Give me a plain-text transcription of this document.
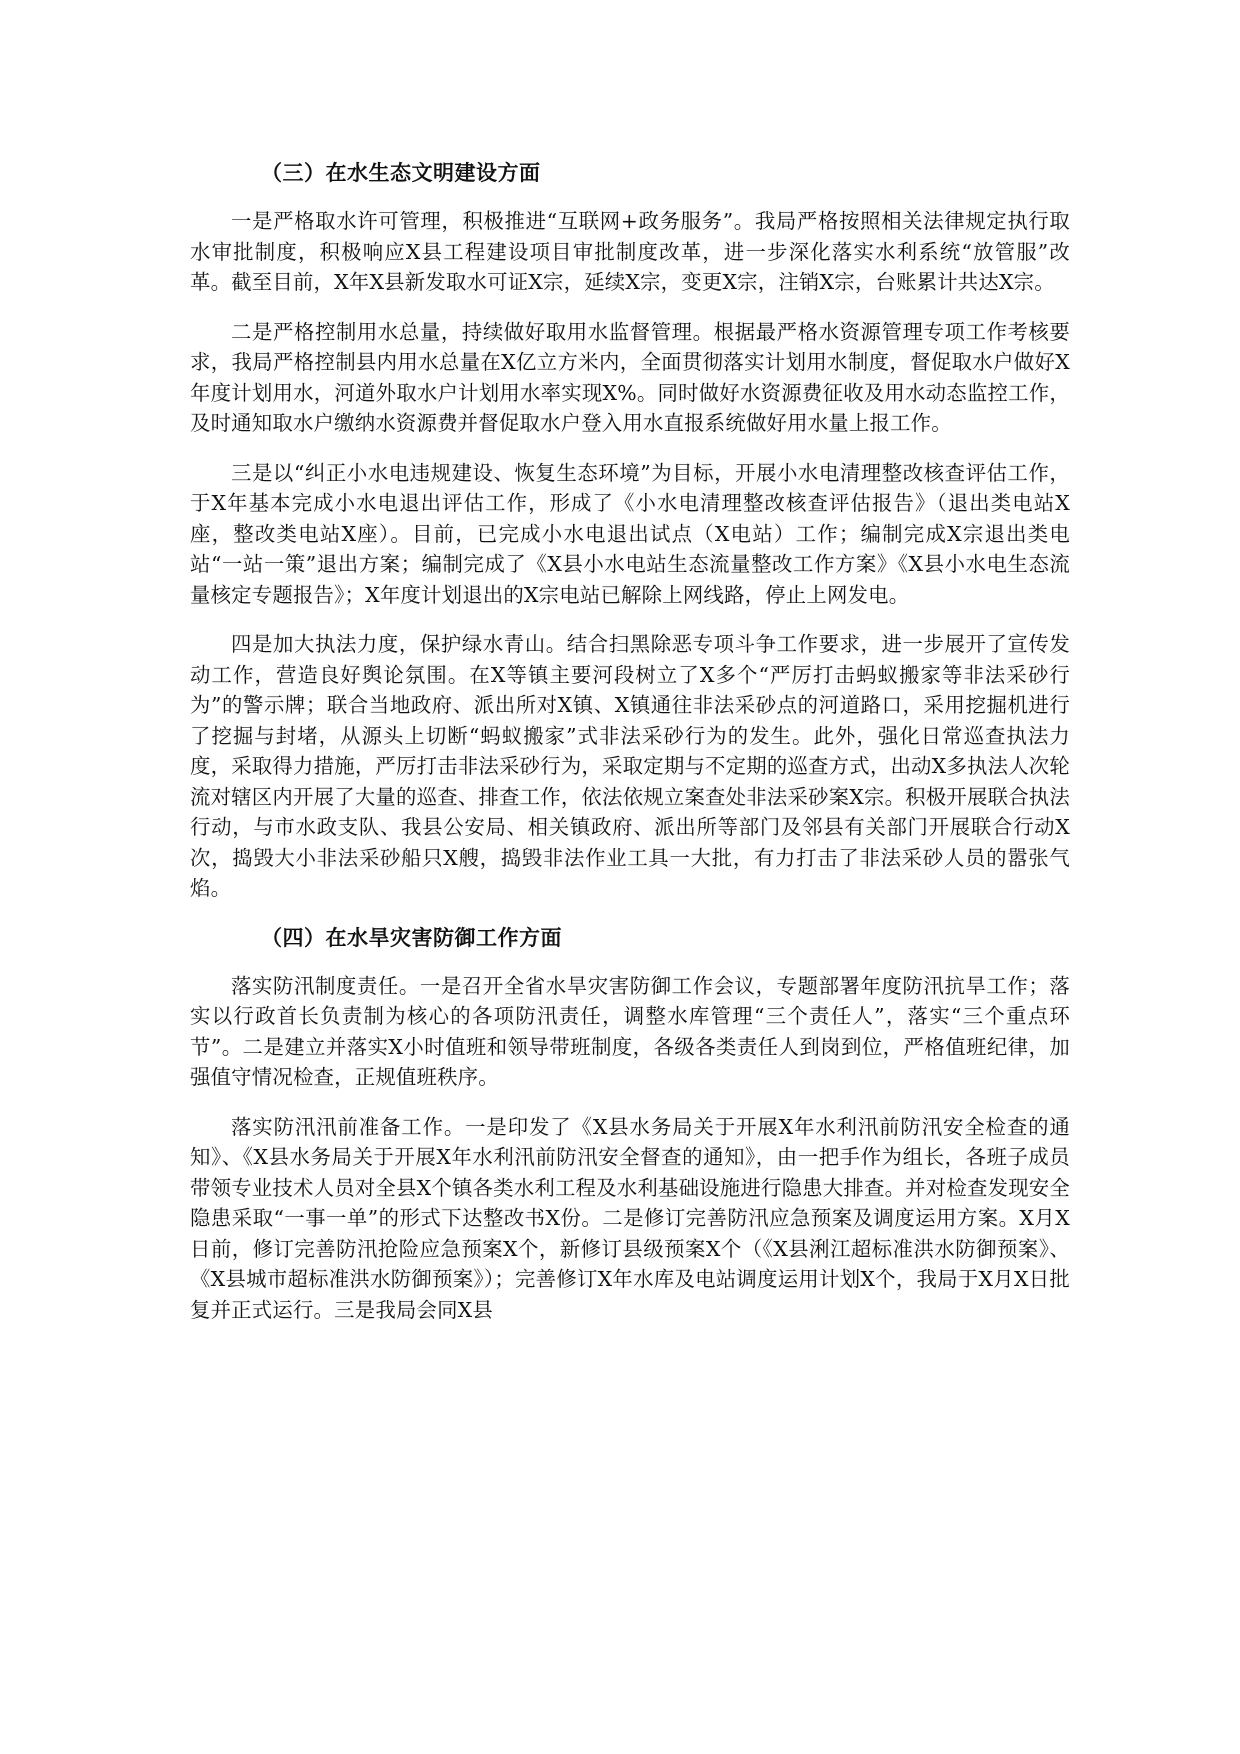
（三）在水生态文明建设方面

一是严格取水许可管理，积极推进“互联网+政务服务”。我局严格按照相关法律规定执行取水审批制度，积极响应X县工程建设项目审批制度改革，进一步深化落实水利系统“放管服”改革。截至目前，X年X县新发取水可证X宗，延续X宗，变更X宗，注销X宗，台账累计共达X宗。

二是严格控制用水总量，持续做好取用水监督管理。根据最严格水资源管理专项工作考核要求，我局严格控制县内用水总量在X亿立方米内，全面贯彻落实计划用水制度，督促取水户做好X年度计划用水，河道外取水户计划用水率实现X%。同时做好水资源费征收及用水动态监控工作，及时通知取水户缴纳水资源费并督促取水户登入用水直报系统做好用水量上报工作。

三是以“纠正小水电违规建设、恢复生态环境”为目标，开展小水电清理整改核查评估工作，于X年基本完成小水电退出评估工作，形成了《小水电清理整改核查评估报告》（退出类电站X座，整改类电站X座）。目前，已完成小水电退出试点（X电站）工作；编制完成X宗退出类电站“一站一策”退出方案；编制完成了《X县小水电站生态流量整改工作方案》《X县小水电生态流量核定专题报告》；X年度计划退出的X宗电站已解除上网线路，停止上网发电。

四是加大执法力度，保护绿水青山。结合扫黑除恶专项斗争工作要求，进一步展开了宣传发动工作，营造良好舆论氛围。在X等镇主要河段树立了X多个“严厉打击蚂蚁搬家等非法采砂行为”的警示牌；联合当地政府、派出所对X镇、X镇通往非法采砂点的河道路口，采用挖掘机进行了挖掘与封堵，从源头上切断“蚂蚁搬家”式非法采砂行为的发生。此外，强化日常巡查执法力度，采取得力措施，严厉打击非法采砂行为，采取定期与不定期的巡查方式，出动X多执法人次轮流对辖区内开展了大量的巡查、排查工作，依法依规立案查处非法采砂案X宗。积极开展联合执法行动，与市水政支队、我县公安局、相关镇政府、派出所等部门及邻县有关部门开展联合行动X次，捣毁大小非法采砂船只X艘，捣毁非法作业工具一大批，有力打击了非法采砂人员的嚣张气焰。

（四）在水旱灾害防御工作方面

落实防汛制度责任。一是召开全省水旱灾害防御工作会议，专题部署年度防汛抗旱工作；落实以行政首长负责制为核心的各项防汛责任，调整水库管理“三个责任人”，落实“三个重点环节”。二是建立并落实X小时值班和领导带班制度，各级各类责任人到岗到位，严格值班纪律，加强值守情况检查，正规值班秩序。

落实防汛汛前准备工作。一是印发了《X县水务局关于开展X年水利汛前防汛安全检查的通知》、《X县水务局关于开展X年水利汛前防汛安全督查的通知》，由一把手作为组长，各班子成员带领专业技术人员对全县X个镇各类水利工程及水利基础设施进行隐患大排查。并对检查发现安全隐患采取“一事一单”的形式下达整改书X份。二是修订完善防汛应急预案及调度运用方案。X月X日前，修订完善防汛抢险应急预案X个，新修订县级预案X个（《X县浰江超标准洪水防御预案》、《X县城市超标准洪水防御预案》）；完善修订X年水库及电站调度运用计划X个，我局于X月X日批复并正式运行。三是我局会同X县
